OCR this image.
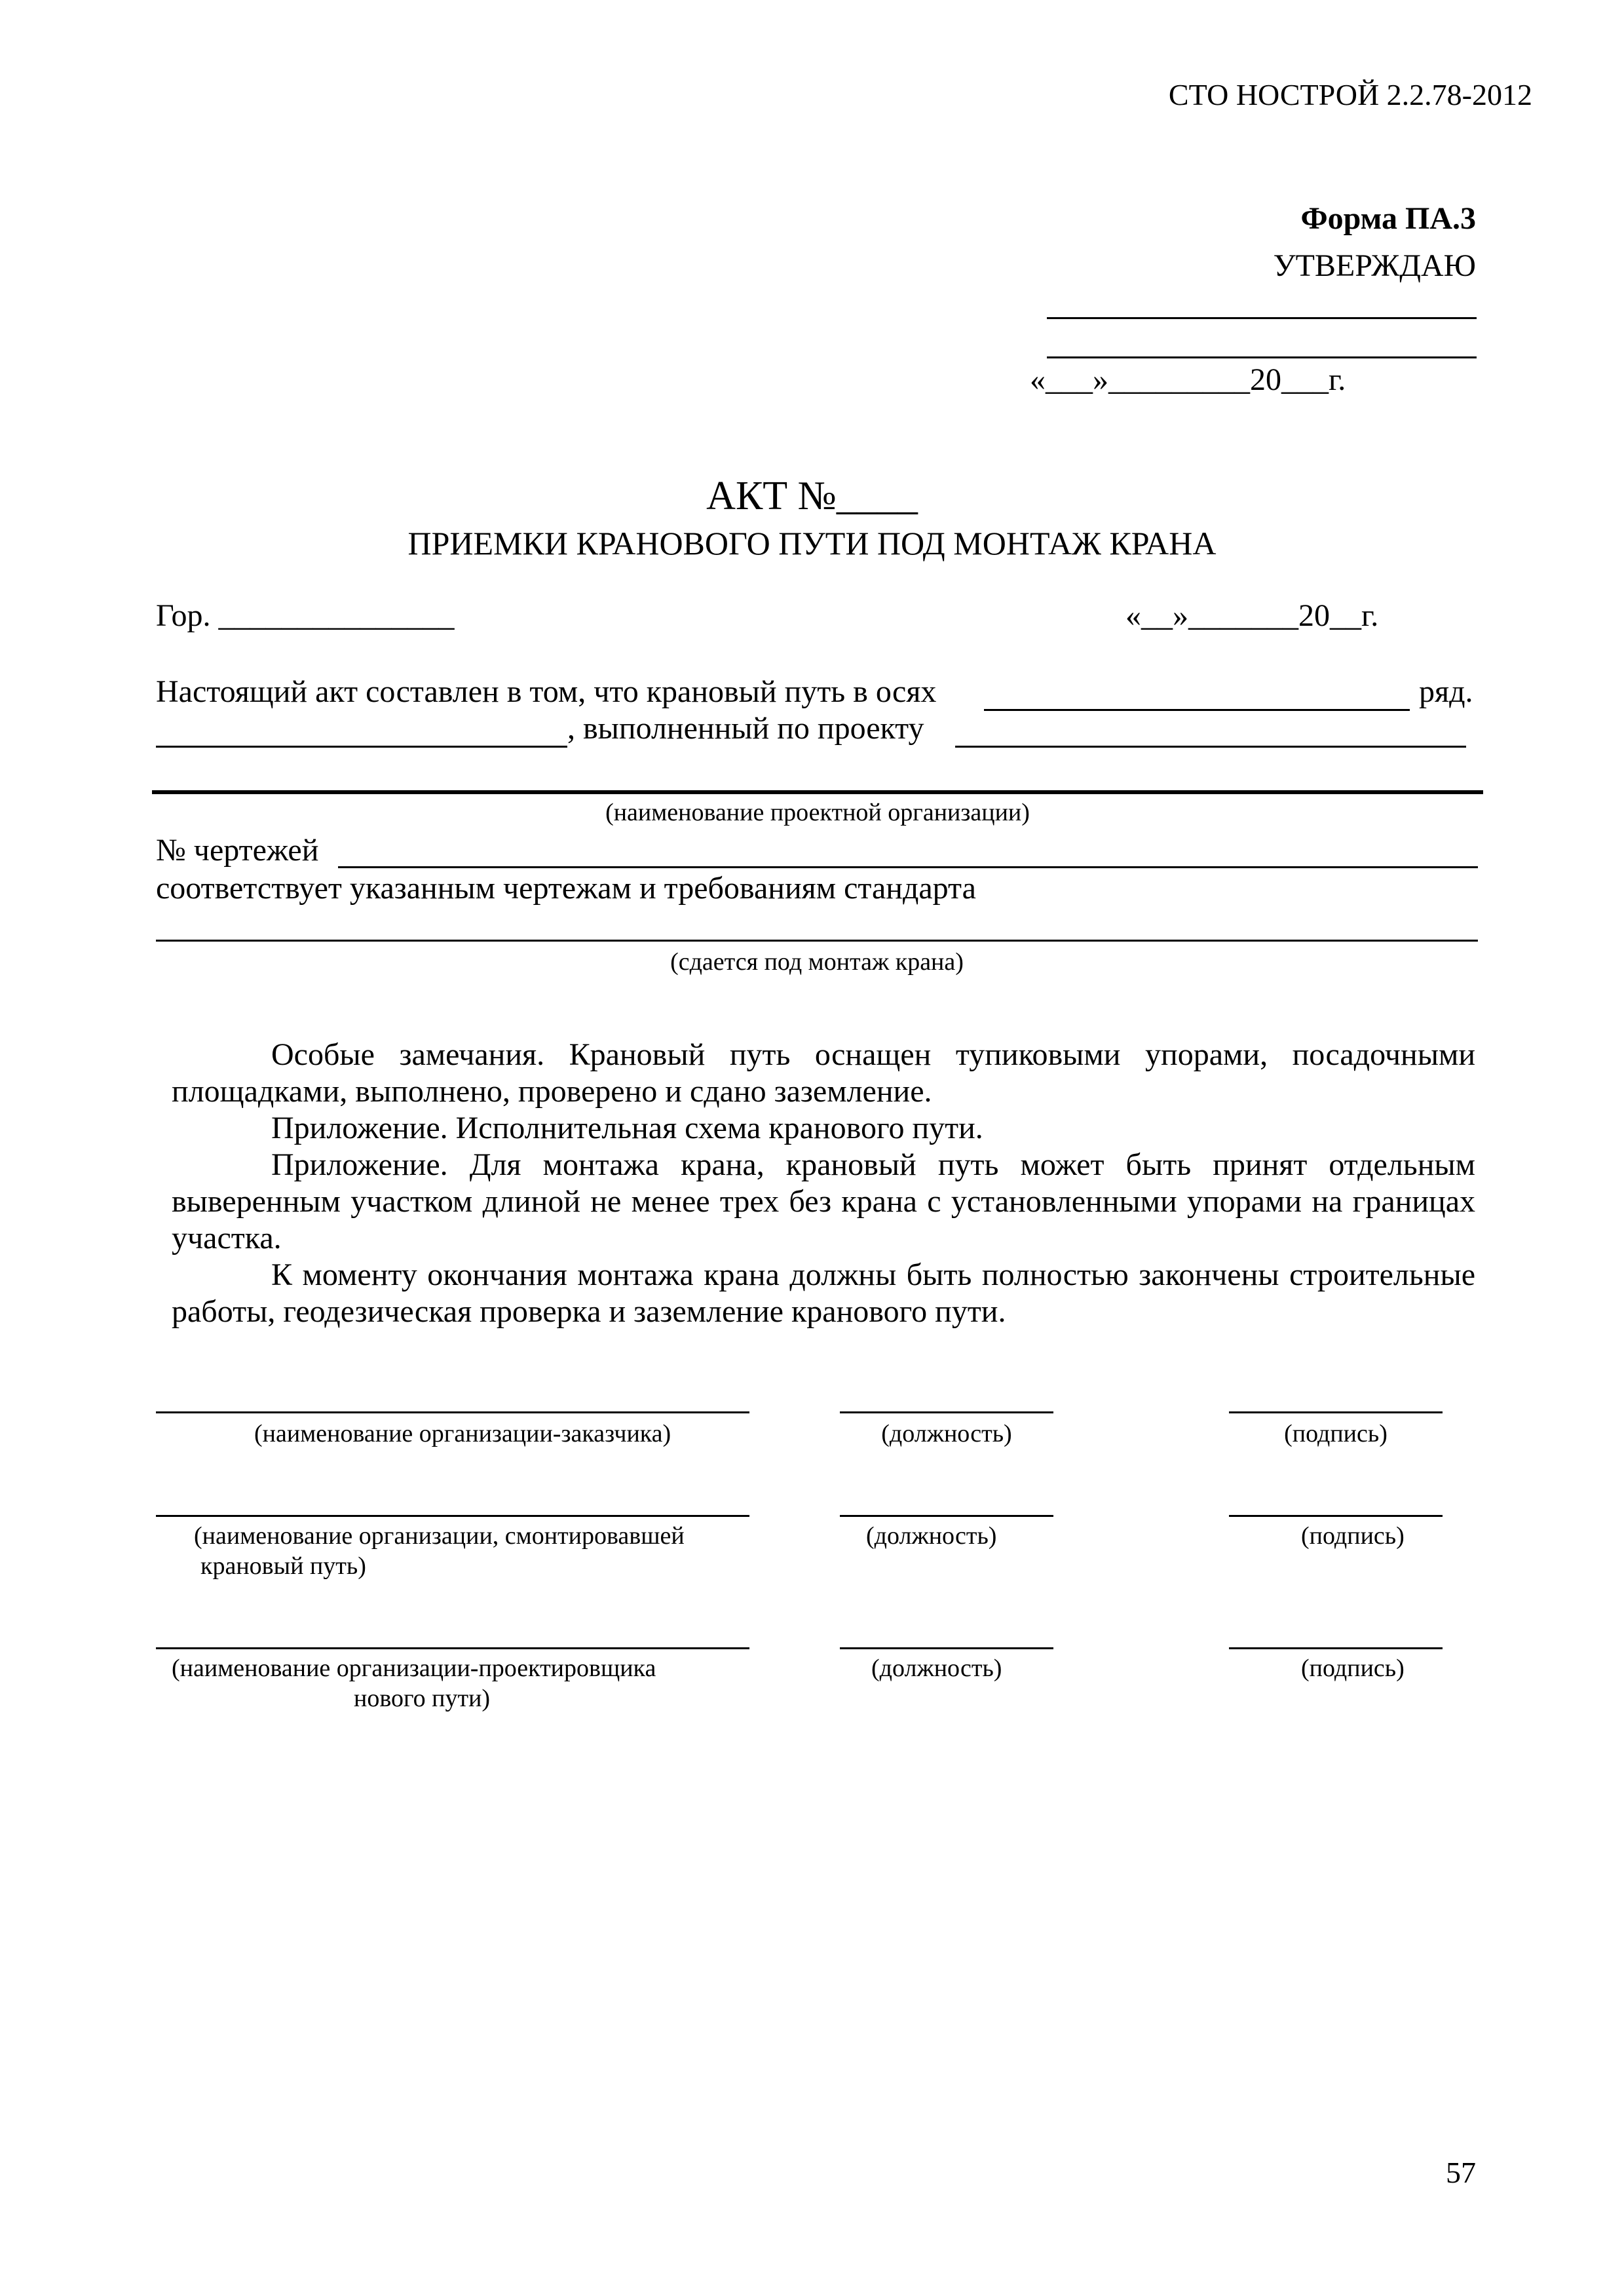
СТО НОСТРОЙ 2.2.78-2012
Форма ПА.3
УТВЕРЖДАЮ
«___»_________20___г.
АКТ №____
ПРИЕМКИ КРАНОВОГО ПУТИ ПОД МОНТАЖ КРАНА
Гор. _______________	«__»_______20__г.
Настоящий акт составлен в том, что крановый путь в осях	ряд.
, выполненный по проекту
(наименование проектной организации)
№ чертежей
соответствует указанным чертежам и требованиям стандарта
(сдается под монтаж крана)
Особые замечания. Крановый путь оснащен тупиковыми упорами, посадочными площадками, выполнено, проверено и сдано заземление.
Приложение. Исполнительная схема кранового пути.
Приложение. Для монтажа крана, крановый путь может быть принят отдельным выверенным участком длиной не менее трех без крана с установленными упорами на границах участка.
К моменту окончания монтажа крана должны быть полностью закончены строительные работы, геодезическая проверка и заземление кранового пути.
(наименование организации-заказчика)	(должность)	(подпись)
(наименование организации, смонтировавшей
крановый путь)
(должность)	(подпись)
(наименование организации-проектировщика
нового пути)
(должность)	(подпись)
57
